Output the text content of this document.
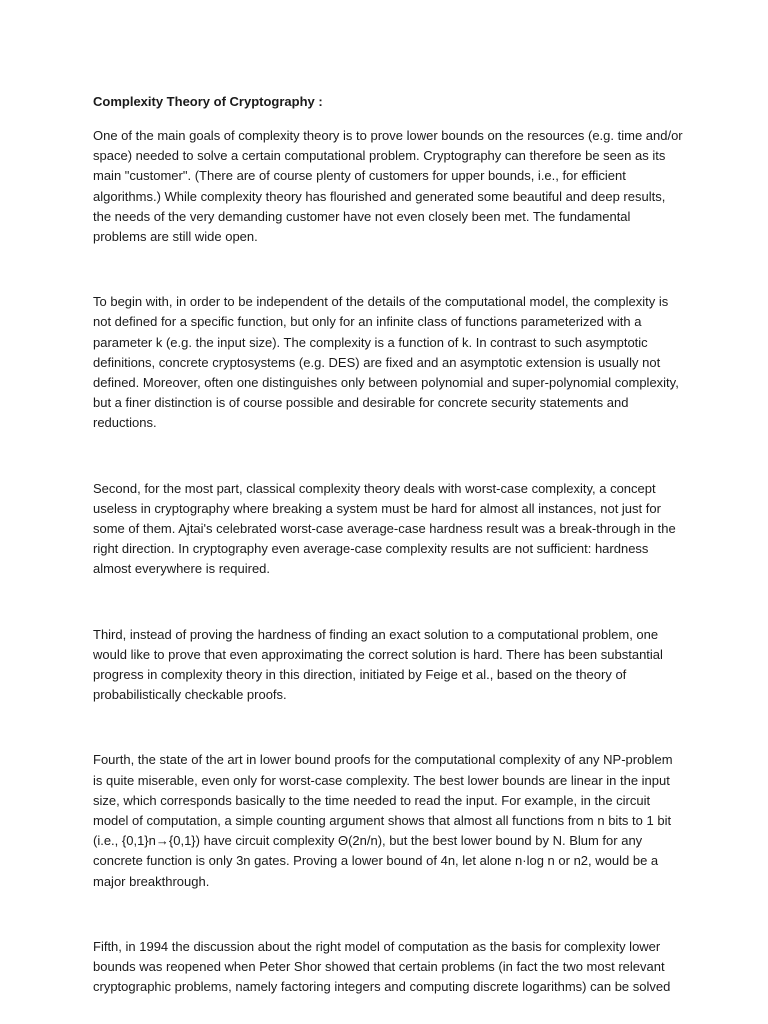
Complexity Theory of Cryptography :

One of the main goals of complexity theory is to prove lower bounds on the resources (e.g. time and/or space) needed to solve a certain computational problem. Cryptography can therefore be seen as its main "customer". (There are of course plenty of customers for upper bounds, i.e., for efficient algorithms.) While complexity theory has flourished and generated some beautiful and deep results, the needs of the very demanding customer have not even closely been met. The fundamental problems are still wide open.

To begin with, in order to be independent of the details of the computational model, the complexity is not defined for a specific function, but only for an infinite class of functions parameterized with a parameter k (e.g. the input size). The complexity is a function of k. In contrast to such asymptotic definitions, concrete cryptosystems (e.g. DES) are fixed and an asymptotic extension is usually not defined. Moreover, often one distinguishes only between polynomial and super-polynomial complexity, but a finer distinction is of course possible and desirable for concrete security statements and reductions.

Second, for the most part, classical complexity theory deals with worst-case complexity, a concept useless in cryptography where breaking a system must be hard for almost all instances, not just for some of them. Ajtai's celebrated worst-case average-case hardness result was a break-through in the right direction. In cryptography even average-case complexity results are not sufficient: hardness almost everywhere is required.

Third, instead of proving the hardness of finding an exact solution to a computational problem, one would like to prove that even approximating the correct solution is hard. There has been substantial progress in complexity theory in this direction, initiated by Feige et al., based on the theory of probabilistically checkable proofs.

Fourth, the state of the art in lower bound proofs for the computational complexity of any NP-problem is quite miserable, even only for worst-case complexity. The best lower bounds are linear in the input size, which corresponds basically to the time needed to read the input. For example, in the circuit model of computation, a simple counting argument shows that almost all functions from n bits to 1 bit (i.e., {0,1}n→{0,1}) have circuit complexity Θ(2n/n), but the best lower bound by N. Blum for any concrete function is only 3n gates. Proving a lower bound of 4n, let alone n·log n or n2, would be a major breakthrough.

Fifth, in 1994 the discussion about the right model of computation as the basis for complexity lower bounds was reopened when Peter Shor showed that certain problems (in fact the two most relevant cryptographic problems, namely factoring integers and computing discrete logarithms) can be solved
